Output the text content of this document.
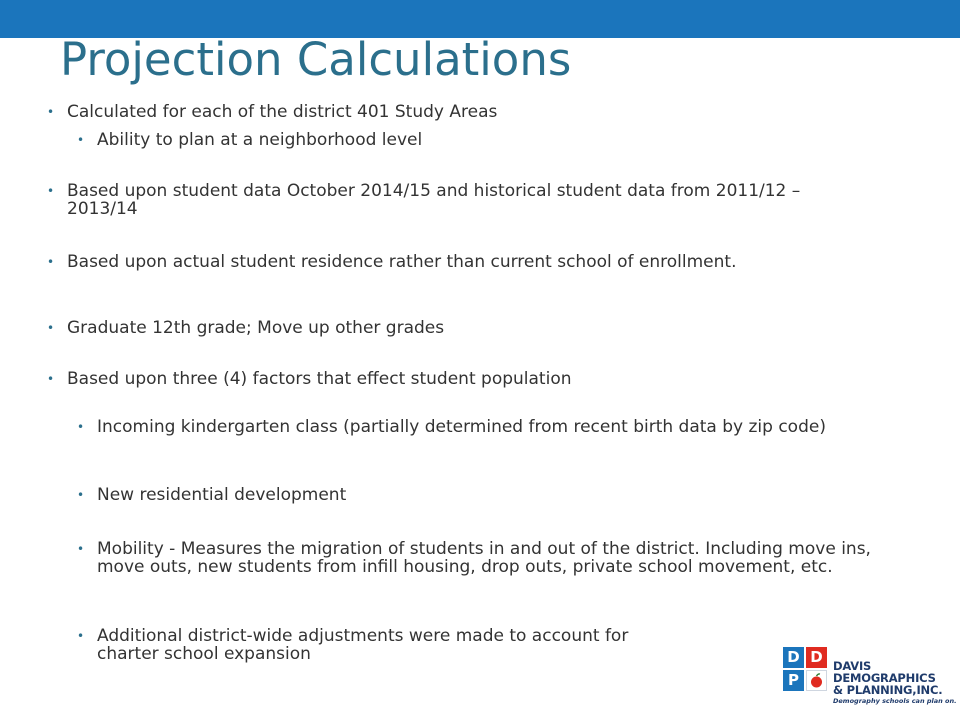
Projection Calculations
• Calculated for each of the district 401 Study Areas
• Ability to plan at a neighborhood level
• Based upon student data October 2014/15 and historical student data from 2011/12 – 2013/14
• Based upon actual student residence rather than current school of enrollment.
• Graduate 12th grade; Move up other grades
• Based upon three (4) factors that effect student population
• Incoming kindergarten class (partially determined from recent birth data by zip code)
• New residential development
• Mobility - Measures the migration of students in and out of the district. Including move ins, move outs, new students from infill housing, drop outs, private school movement, etc.
• Additional district-wide adjustments were made to account for charter school expansion	D D
P
DAVIS
DEMOGRAPHICS
& PLANNING,INC.
Demography schools can plan on.
